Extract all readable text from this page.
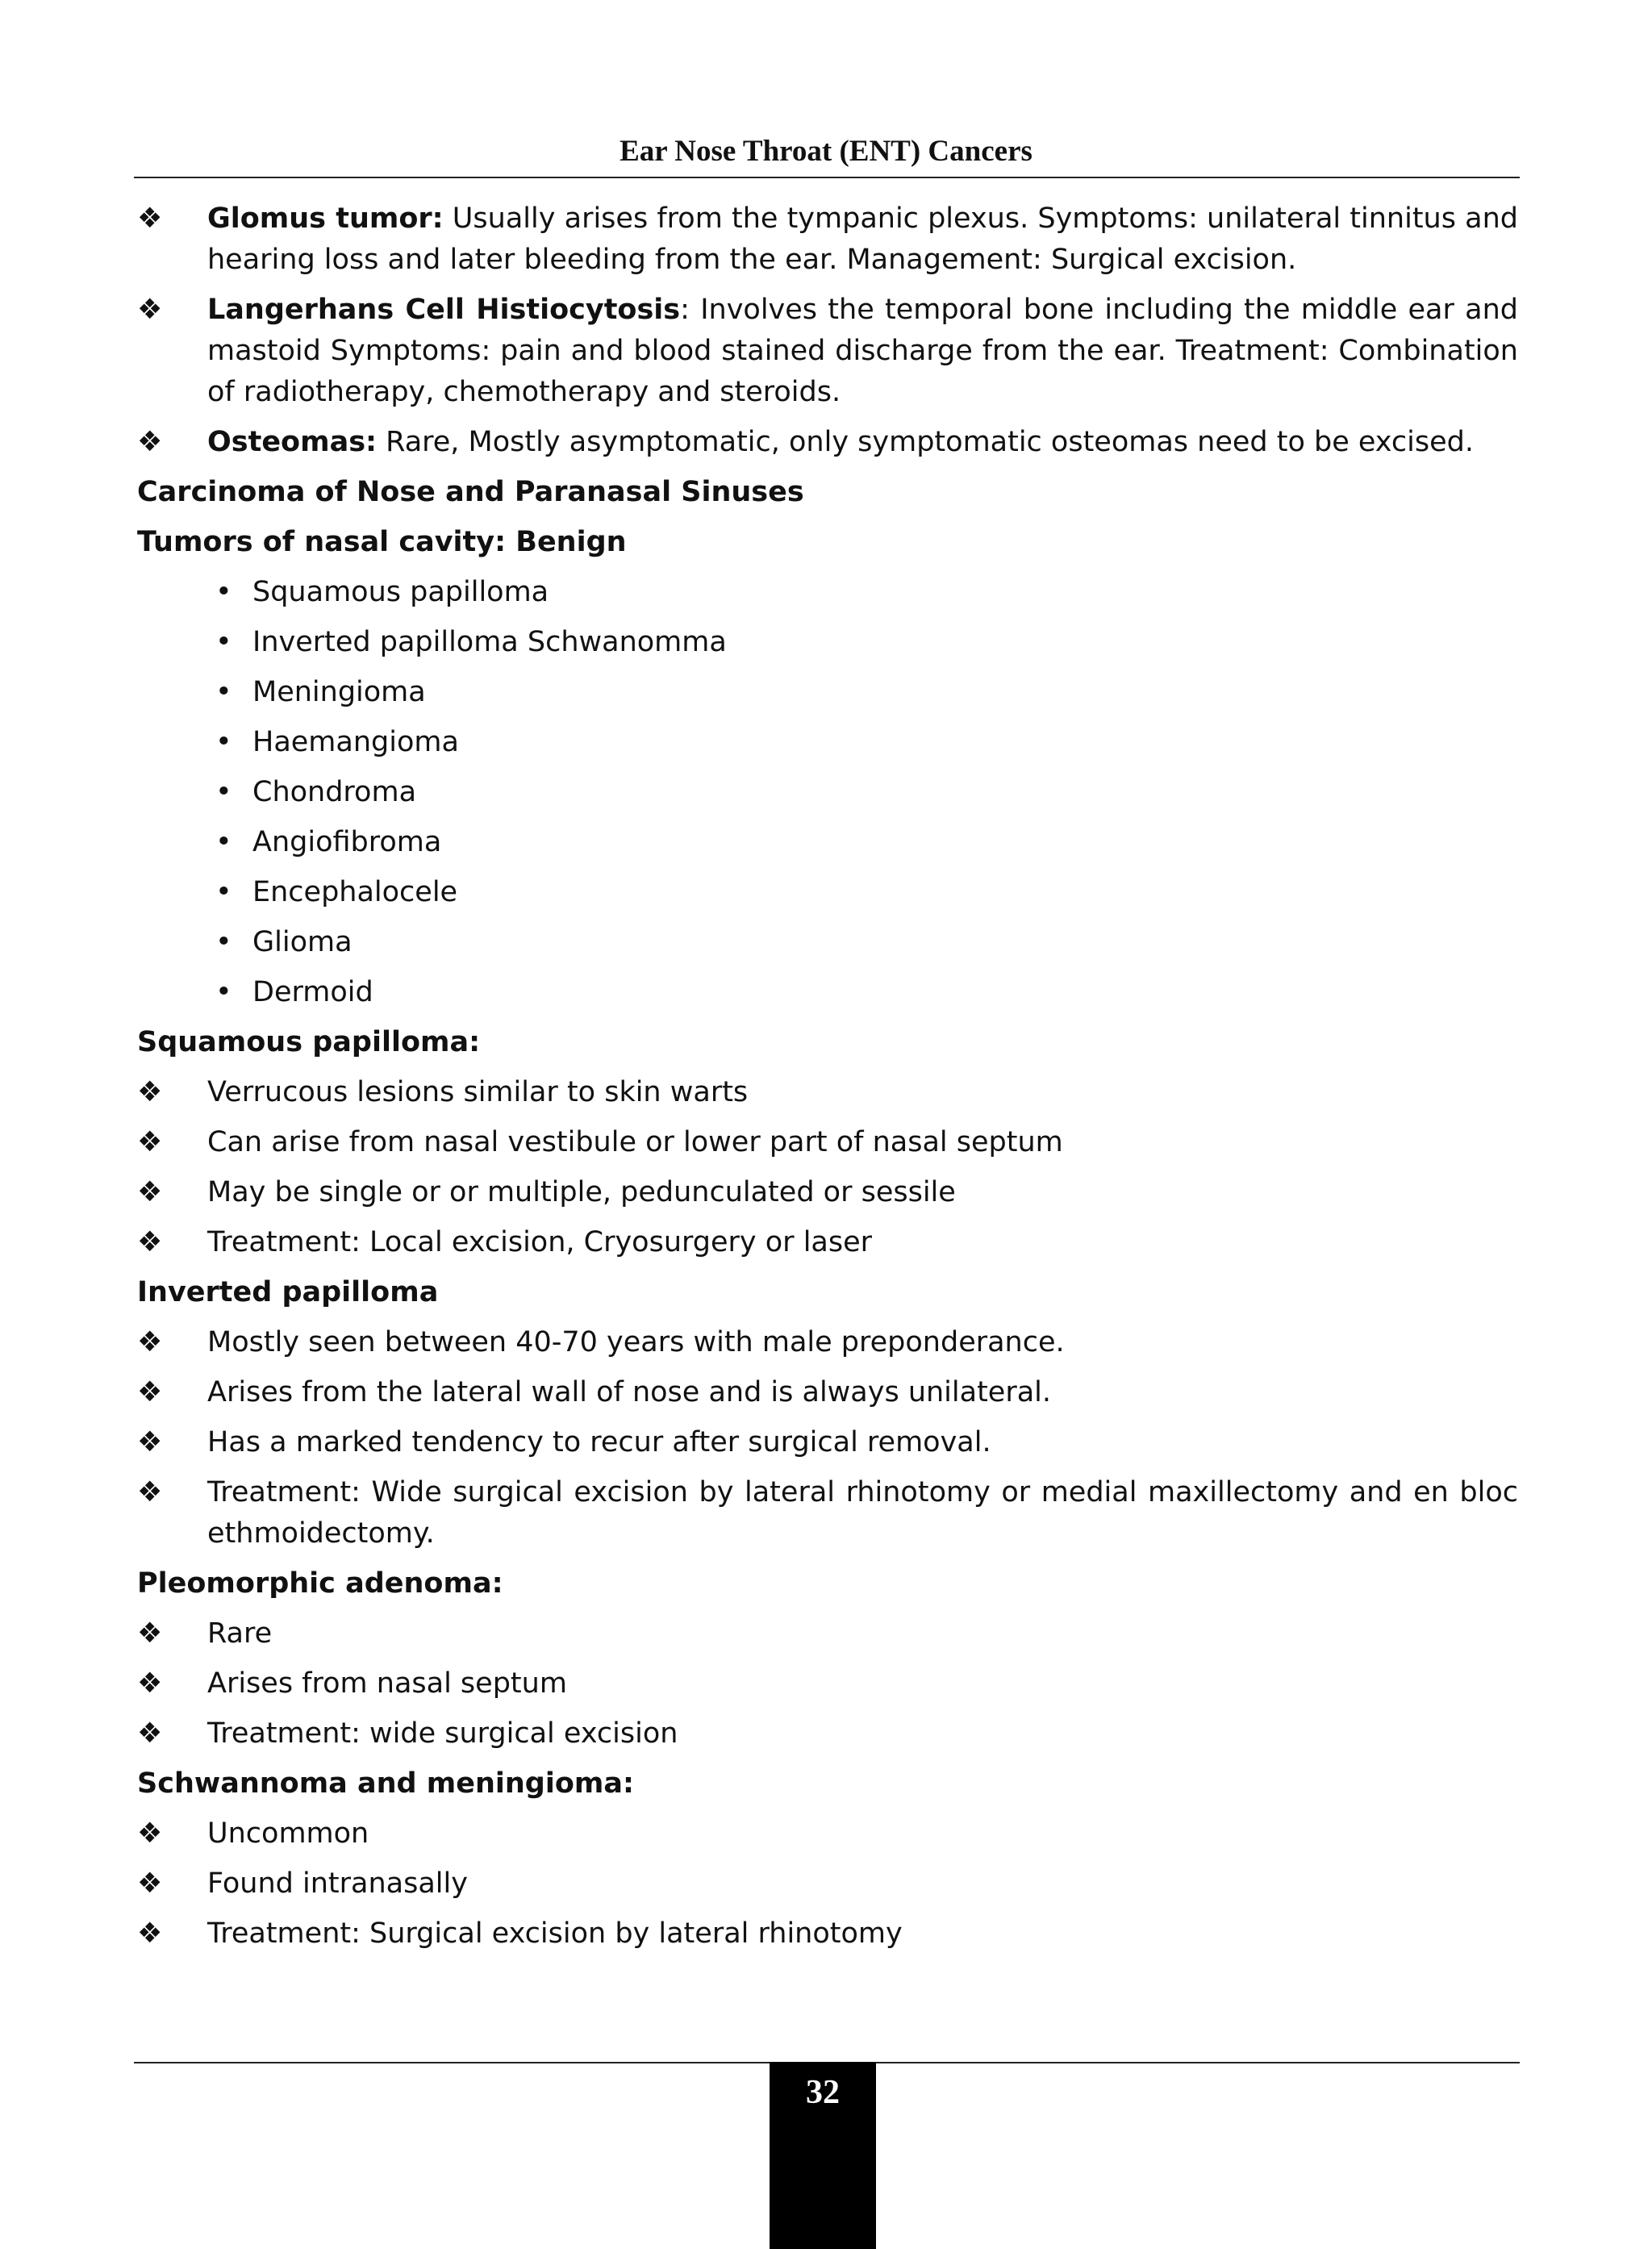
Ear Nose Throat (ENT) Cancers
❖ Glomus tumor: Usually arises from the tympanic plexus. Symptoms: unilateral tinnitus and hearing loss and later bleeding from the ear. Management: Surgical excision.
❖ Langerhans Cell Histiocytosis: Involves the temporal bone including the middle ear and mastoid Symptoms: pain and blood stained discharge from the ear. Treatment: Combination of radiotherapy, chemotherapy and steroids.
❖ Osteomas: Rare, Mostly asymptomatic, only symptomatic osteomas need to be excised.
Carcinoma of Nose and Paranasal Sinuses
Tumors of nasal cavity: Benign
• Squamous papilloma
• Inverted papilloma Schwanomma
• Meningioma
• Haemangioma
• Chondroma
• Angiofibroma
• Encephalocele
• Glioma
• Dermoid
Squamous papilloma:
❖ Verrucous lesions similar to skin warts
❖ Can arise from nasal vestibule or lower part of nasal septum
❖ May be single or or multiple, pedunculated or sessile
❖ Treatment: Local excision, Cryosurgery or laser
Inverted papilloma
❖ Mostly seen between 40-70 years with male preponderance.
❖ Arises from the lateral wall of nose and is always unilateral.
❖ Has a marked tendency to recur after surgical removal.
❖ Treatment: Wide surgical excision by lateral rhinotomy or medial maxillectomy and en bloc ethmoidectomy.
Pleomorphic adenoma:
❖ Rare
❖ Arises from nasal septum
❖ Treatment: wide surgical excision
Schwannoma and meningioma:
❖ Uncommon
❖ Found intranasally
❖ Treatment: Surgical excision by lateral rhinotomy
32
